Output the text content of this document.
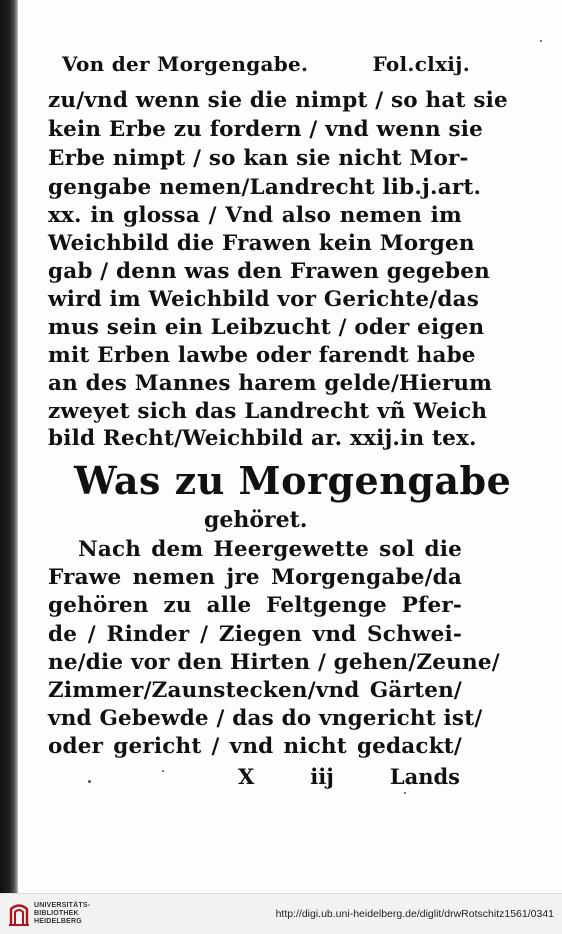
Von der Morgengabe.	Fol.clxij.
zu/vnd wenn sie die nimpt / so hat sie
kein Erbe zu fordern / vnd wenn sie
Erbe nimpt / so kan sie nicht Mor-
gengabe nemen/Landrecht lib.j.art.
xx. in glossa / Vnd also nemen im
Weichbild die Frawen kein Morgen
gab / denn was den Frawen gegeben
wird im Weichbild vor Gerichte/das
mus sein ein Leibzucht / oder eigen
mit Erben lawbe oder farendt habe
an des Mannes harem gelde/Hierum
zweyet sich das Landrecht vñ Weich
bild Recht/Weichbild ar. xxij.in tex.
Was zu Morgengabe
gehöret.
Nach dem Heergewette sol die
Frawe nemen jre Morgengabe/da
gehören zu alle Feltgenge Pfer-
de / Rinder / Ziegen vnd Schwei-
ne/die vor den Hirten / gehen/Zeune/
Zimmer/Zaunstecken/vnd Gärten/
vnd Gebewde / das do vngericht ist/
oder gericht / vnd nicht gedackt/
X	iij	Lands
UNIVERSITÄTS-
BIBLIOTHEK
HEIDELBERG
http://digi.ub.uni-heidelberg.de/diglit/drwRotschitz1561/0341
